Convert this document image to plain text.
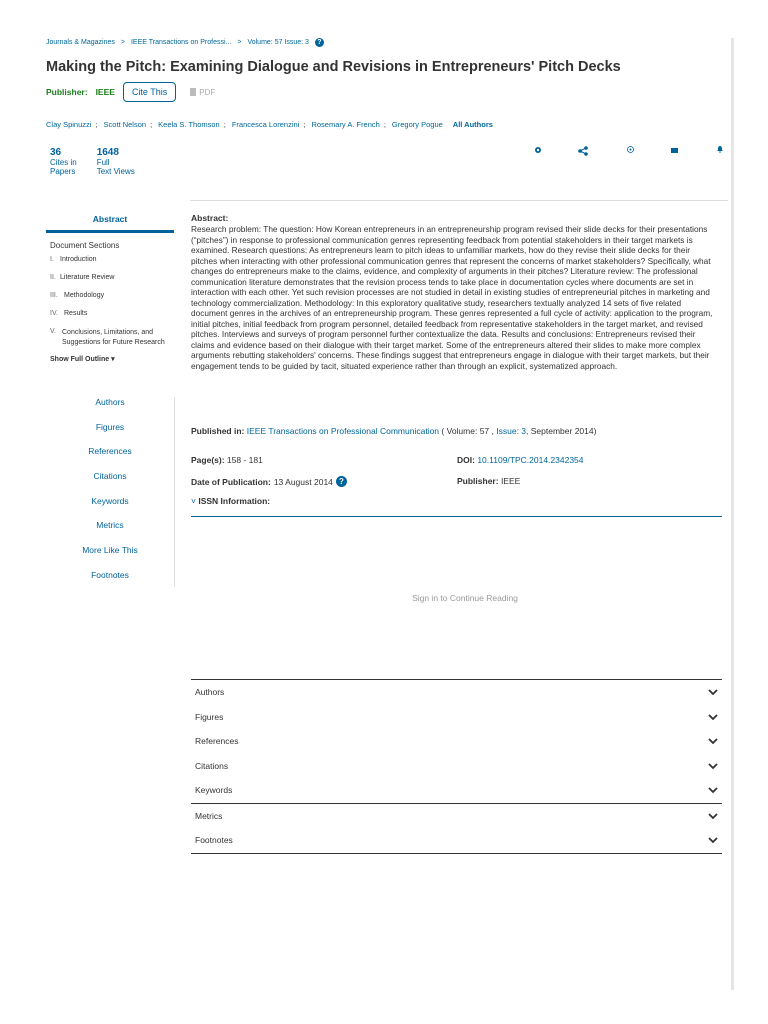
Journals & Magazines > IEEE Transactions on Professi... > Volume: 57 Issue: 3	?
Making the Pitch: Examining Dialogue and Revisions in Entrepreneurs' Pitch Decks
Publisher: IEEE	Cite This	PDF
Clay Spinuzzi ; Scott Nelson ; Keela S. Thomson ; Francesca Lorenzini ; Rosemary A. French ; Gregory Pogue All Authors
36
Cites in
Papers
1648
Full
Text Views
Abstract
Document Sections
I. Introduction
II. Literature Review
III. Methodology
IV. Results
V. Conclusions, Limitations, and Suggestions for Future Research
Show Full Outline ▾
Authors
Figures
References
Citations
Keywords
Metrics
More Like This
Footnotes
Abstract:
Research problem: The question: How Korean entrepreneurs in an entrepreneurship program revised their slide decks for their presentations (“pitches”) in response to professional communication genres representing feedback from potential stakeholders in their target markets is examined. Research questions: As entrepreneurs learn to pitch ideas to unfamiliar markets, how do they revise their slide decks for their pitches when interacting with other professional communication genres that represent the concerns of market stakeholders? Specifically, what changes do entrepreneurs make to the claims, evidence, and complexity of arguments in their pitches? Literature review: The professional communication literature demonstrates that the revision process tends to take place in documentation cycles where documents are set in interaction with each other. Yet such revision processes are not studied in detail in existing studies of entrepreneurial pitches in marketing and technology commercialization. Methodology: In this exploratory qualitative study, researchers textually analyzed 14 sets of five related document genres in the archives of an entrepreneurship program. These genres represented a full cycle of activity: application to the program, initial pitches, initial feedback from program personnel, detailed feedback from representative stakeholders in the target market, and revised pitches. Interviews and surveys of program personnel further contextualize the data. Results and conclusions: Entrepreneurs revised their claims and evidence based on their dialogue with their target market. Some of the entrepreneurs altered their slides to make more complex arguments rebutting stakeholders' concerns. These findings suggest that entrepreneurs engage in dialogue with their target markets, but their engagement tends to be guided by tacit, situated experience rather than through an explicit, systematized approach.
Published in: IEEE Transactions on Professional Communication ( Volume: 57 , Issue: 3, September 2014)
Page(s): 158 - 181	DOI: 10.1109/TPC.2014.2342354
Date of Publication: 13 August 2014 ?	Publisher: IEEE
˅ ISSN Information:
Sign in to Continue Reading
Authors
Figures
References
Citations
Keywords
Metrics
Footnotes
